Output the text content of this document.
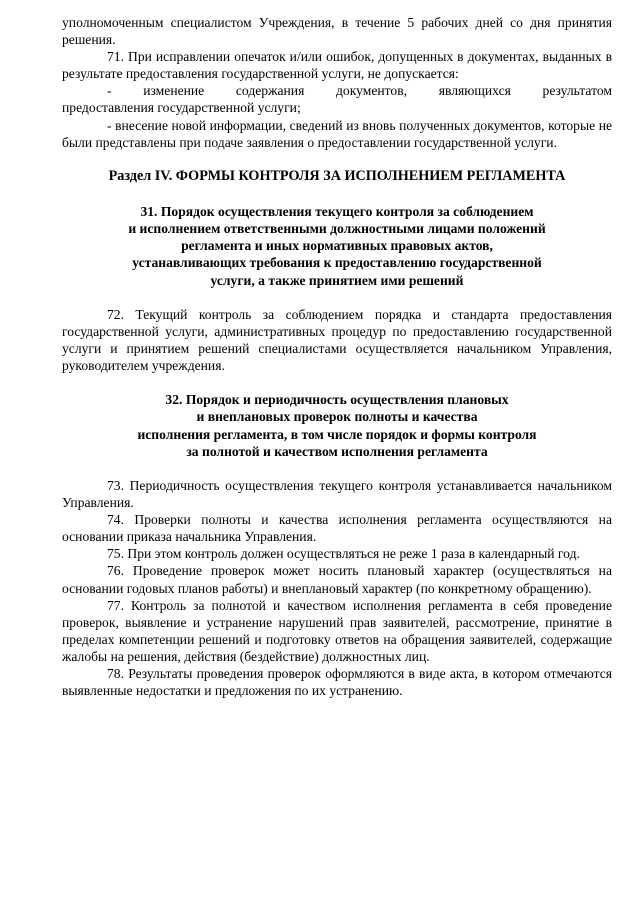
уполномоченным специалистом Учреждения, в течение 5 рабочих дней со дня принятия решения.

71. При исправлении опечаток и/или ошибок, допущенных в документах, выданных в результате предоставления государственной услуги, не допускается:

- изменение содержания документов, являющихся результатом

предоставления государственной услуги;

- внесение новой информации, сведений из вновь полученных документов, которые не были представлены при подаче заявления о предоставлении государственной услуги.

Раздел IV. ФОРМЫ КОНТРОЛЯ ЗА ИСПОЛНЕНИЕМ РЕГЛАМЕНТА
31. Порядок осуществления текущего контроля за соблюдением
и исполнением ответственными должностными лицами положений
регламента и иных нормативных правовых актов,
устанавливающих требования к предоставлению государственной
услуги, а также принятием ими решений

72. Текущий контроль за соблюдением порядка и стандарта предоставления государственной услуги, административных процедур по предоставлению государственной услуги и принятием решений специалистами осуществляется начальником Управления, руководителем учреждения.

32. Порядок и периодичность осуществления плановых
и внеплановых проверок полноты и качества
исполнения регламента, в том числе порядок и формы контроля
за полнотой и качеством исполнения регламента

73. Периодичность осуществления текущего контроля устанавливается начальником Управления.

74. Проверки полноты и качества исполнения регламента осуществляются на основании приказа начальника Управления.

75. При этом контроль должен осуществляться не реже 1 раза в календарный год.

76. Проведение проверок может носить плановый характер (осуществляться на основании годовых планов работы) и внеплановый характер (по конкретному обращению).

77. Контроль за полнотой и качеством исполнения регламента в себя проведение проверок, выявление и устранение нарушений прав заявителей, рассмотрение, принятие в пределах компетенции решений и подготовку ответов на обращения заявителей, содержащие жалобы на решения, действия (бездействие) должностных лиц.

78. Результаты проведения проверок оформляются в виде акта, в котором отмечаются выявленные недостатки и предложения по их устранению.
